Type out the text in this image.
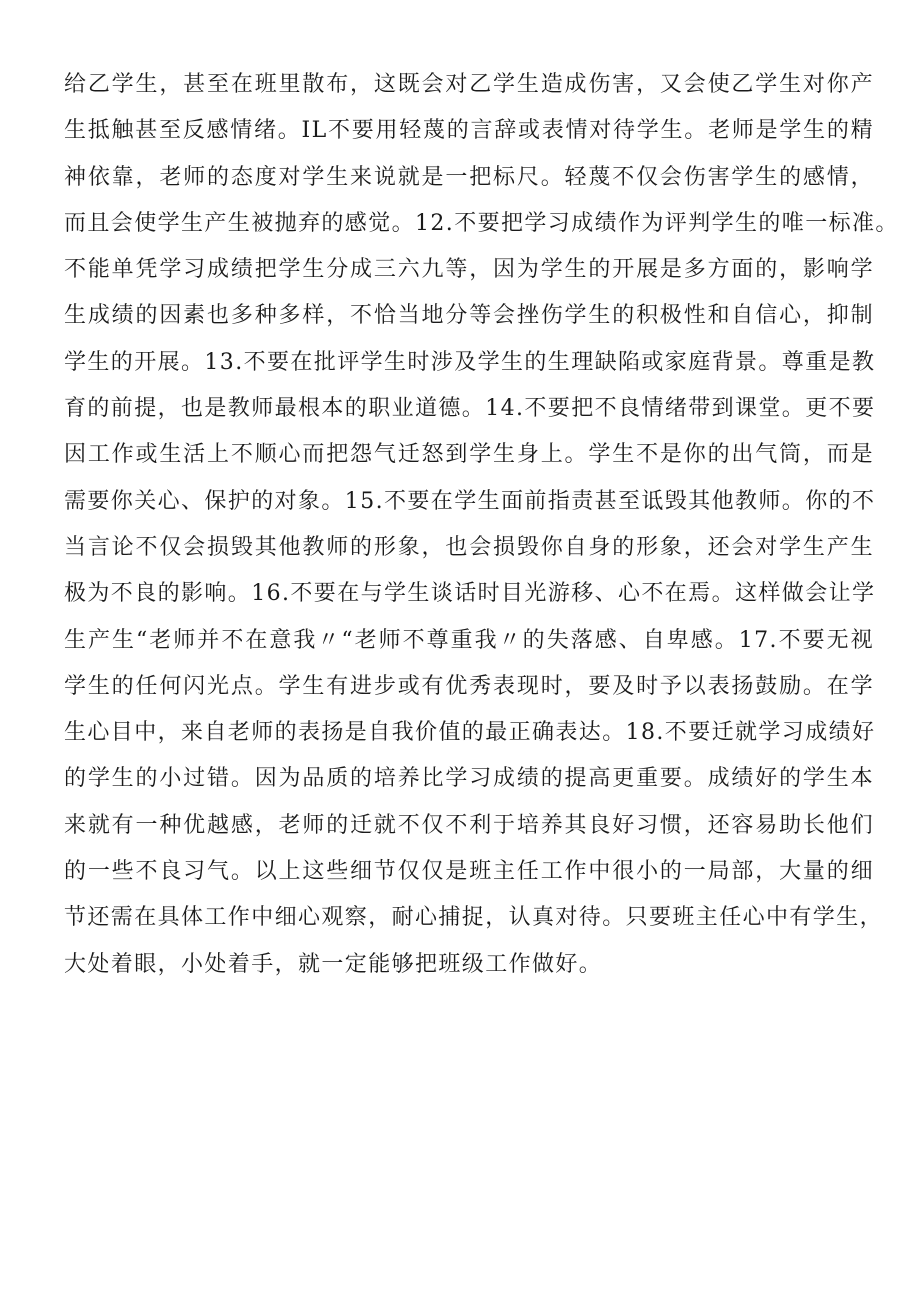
给乙学生，甚至在班里散布，这既会对乙学生造成伤害，又会使乙学生对你产
生抵触甚至反感情绪。IL不要用轻蔑的言辞或表情对待学生。老师是学生的精
神依靠，老师的态度对学生来说就是一把标尺。轻蔑不仅会伤害学生的感情，
而且会使学生产生被抛弃的感觉。12.不要把学习成绩作为评判学生的唯一标准。
不能单凭学习成绩把学生分成三六九等，因为学生的开展是多方面的，影响学
生成绩的因素也多种多样，不恰当地分等会挫伤学生的积极性和自信心，抑制
学生的开展。13.不要在批评学生时涉及学生的生理缺陷或家庭背景。尊重是教
育的前提，也是教师最根本的职业道德。14.不要把不良情绪带到课堂。更不要
因工作或生活上不顺心而把怨气迁怒到学生身上。学生不是你的出气筒，而是
需要你关心、保护的对象。15.不要在学生面前指责甚至诋毁其他教师。你的不
当言论不仅会损毁其他教师的形象，也会损毁你自身的形象，还会对学生产生
极为不良的影响。16.不要在与学生谈话时目光游移、心不在焉。这样做会让学
生产生“老师并不在意我〃“老师不尊重我〃的失落感、自卑感。17.不要无视
学生的任何闪光点。学生有进步或有优秀表现时，要及时予以表扬鼓励。在学
生心目中，来自老师的表扬是自我价值的最正确表达。18.不要迁就学习成绩好
的学生的小过错。因为品质的培养比学习成绩的提高更重要。成绩好的学生本
来就有一种优越感，老师的迁就不仅不利于培养其良好习惯，还容易助长他们
的一些不良习气。以上这些细节仅仅是班主任工作中很小的一局部，大量的细
节还需在具体工作中细心观察，耐心捕捉，认真对待。只要班主任心中有学生，
大处着眼，小处着手，就一定能够把班级工作做好。
